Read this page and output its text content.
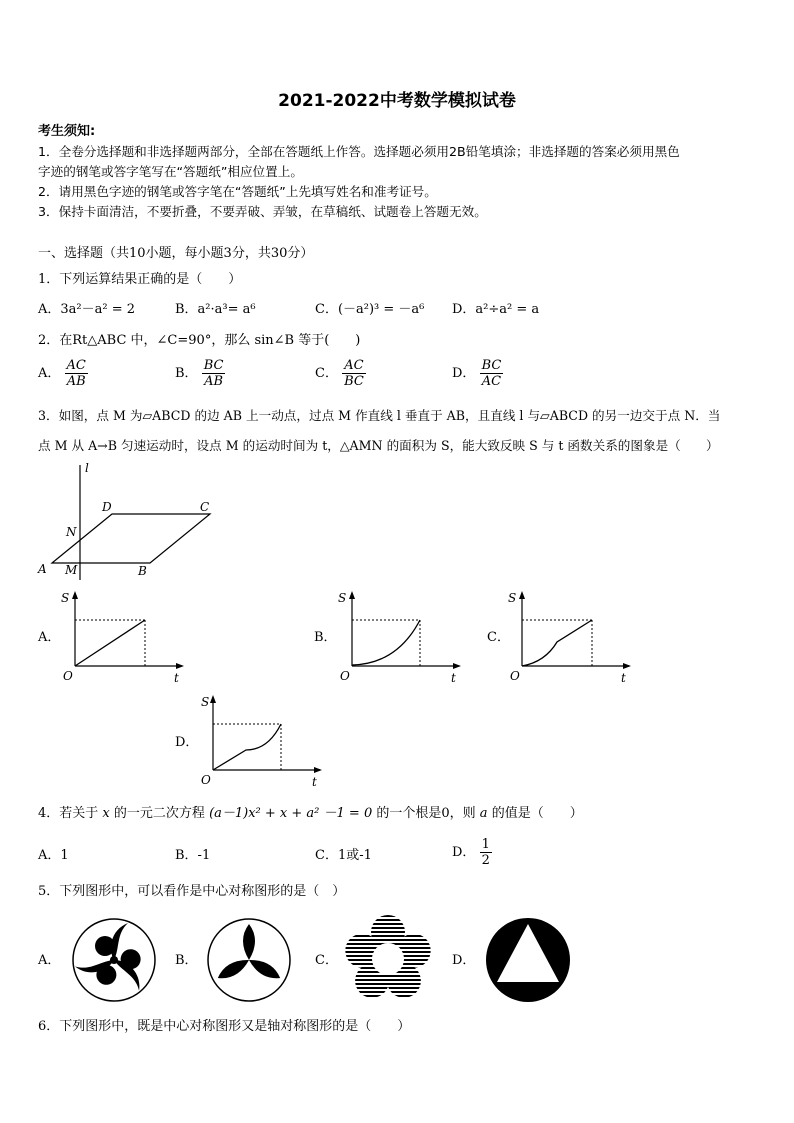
2021-2022中考数学模拟试卷
考生须知:
1．全卷分选择题和非选择题两部分，全部在答题纸上作答。选择题必须用2B铅笔填涂；非选择题的答案必须用黑色
字迹的钢笔或答字笔写在“答题纸”相应位置上。
2．请用黑色字迹的钢笔或答字笔在“答题纸”上先填写姓名和准考证号。
3．保持卡面清洁，不要折叠，不要弄破、弄皱，在草稿纸、试题卷上答题无效。
一、选择题（共10小题，每小题3分，共30分）
1．下列运算结果正确的是（　　）
A．3a²－a² = 2	B．a²·a³= a⁶	C．(－a²)³ = －a⁶ D．a²÷a² = a
2．在Rt△ABC 中，∠C=90°，那么 sin∠B 等于(　　)
A． $\frac{AC}{AB}$	B． $\frac{BC}{AB}$	C． $\frac{AC}{BC}$	D． $\frac{BC}{AC}$
3．如图，点 M 为▱ABCD 的边 AB 上一动点，过点 M 作直线 l 垂直于 AB，且直线 l 与▱ABCD 的另一边交于点 N．当
点 M 从 A→B 匀速运动时，设点 M 的运动时间为 t，△AMN 的面积为 S，能大致反映 S 与 t 函数关系的图象是（　　）
l
D	C
N
A M	B
A．	B．	C．
D．
S
O	t
S
O	t
S
O	t
S
O	t
4．若关于 x 的一元二次方程 (a－1)x² + x + a² －1 = 0 的一个根是0，则 a 的值是（　　）
A．1	B．-1	C．1或-1	D． $\frac{1}{2}$
5．下列图形中，可以看作是中心对称图形的是（　）
A．	B．	C．	D．
6．下列图形中，既是中心对称图形又是轴对称图形的是（　　）
